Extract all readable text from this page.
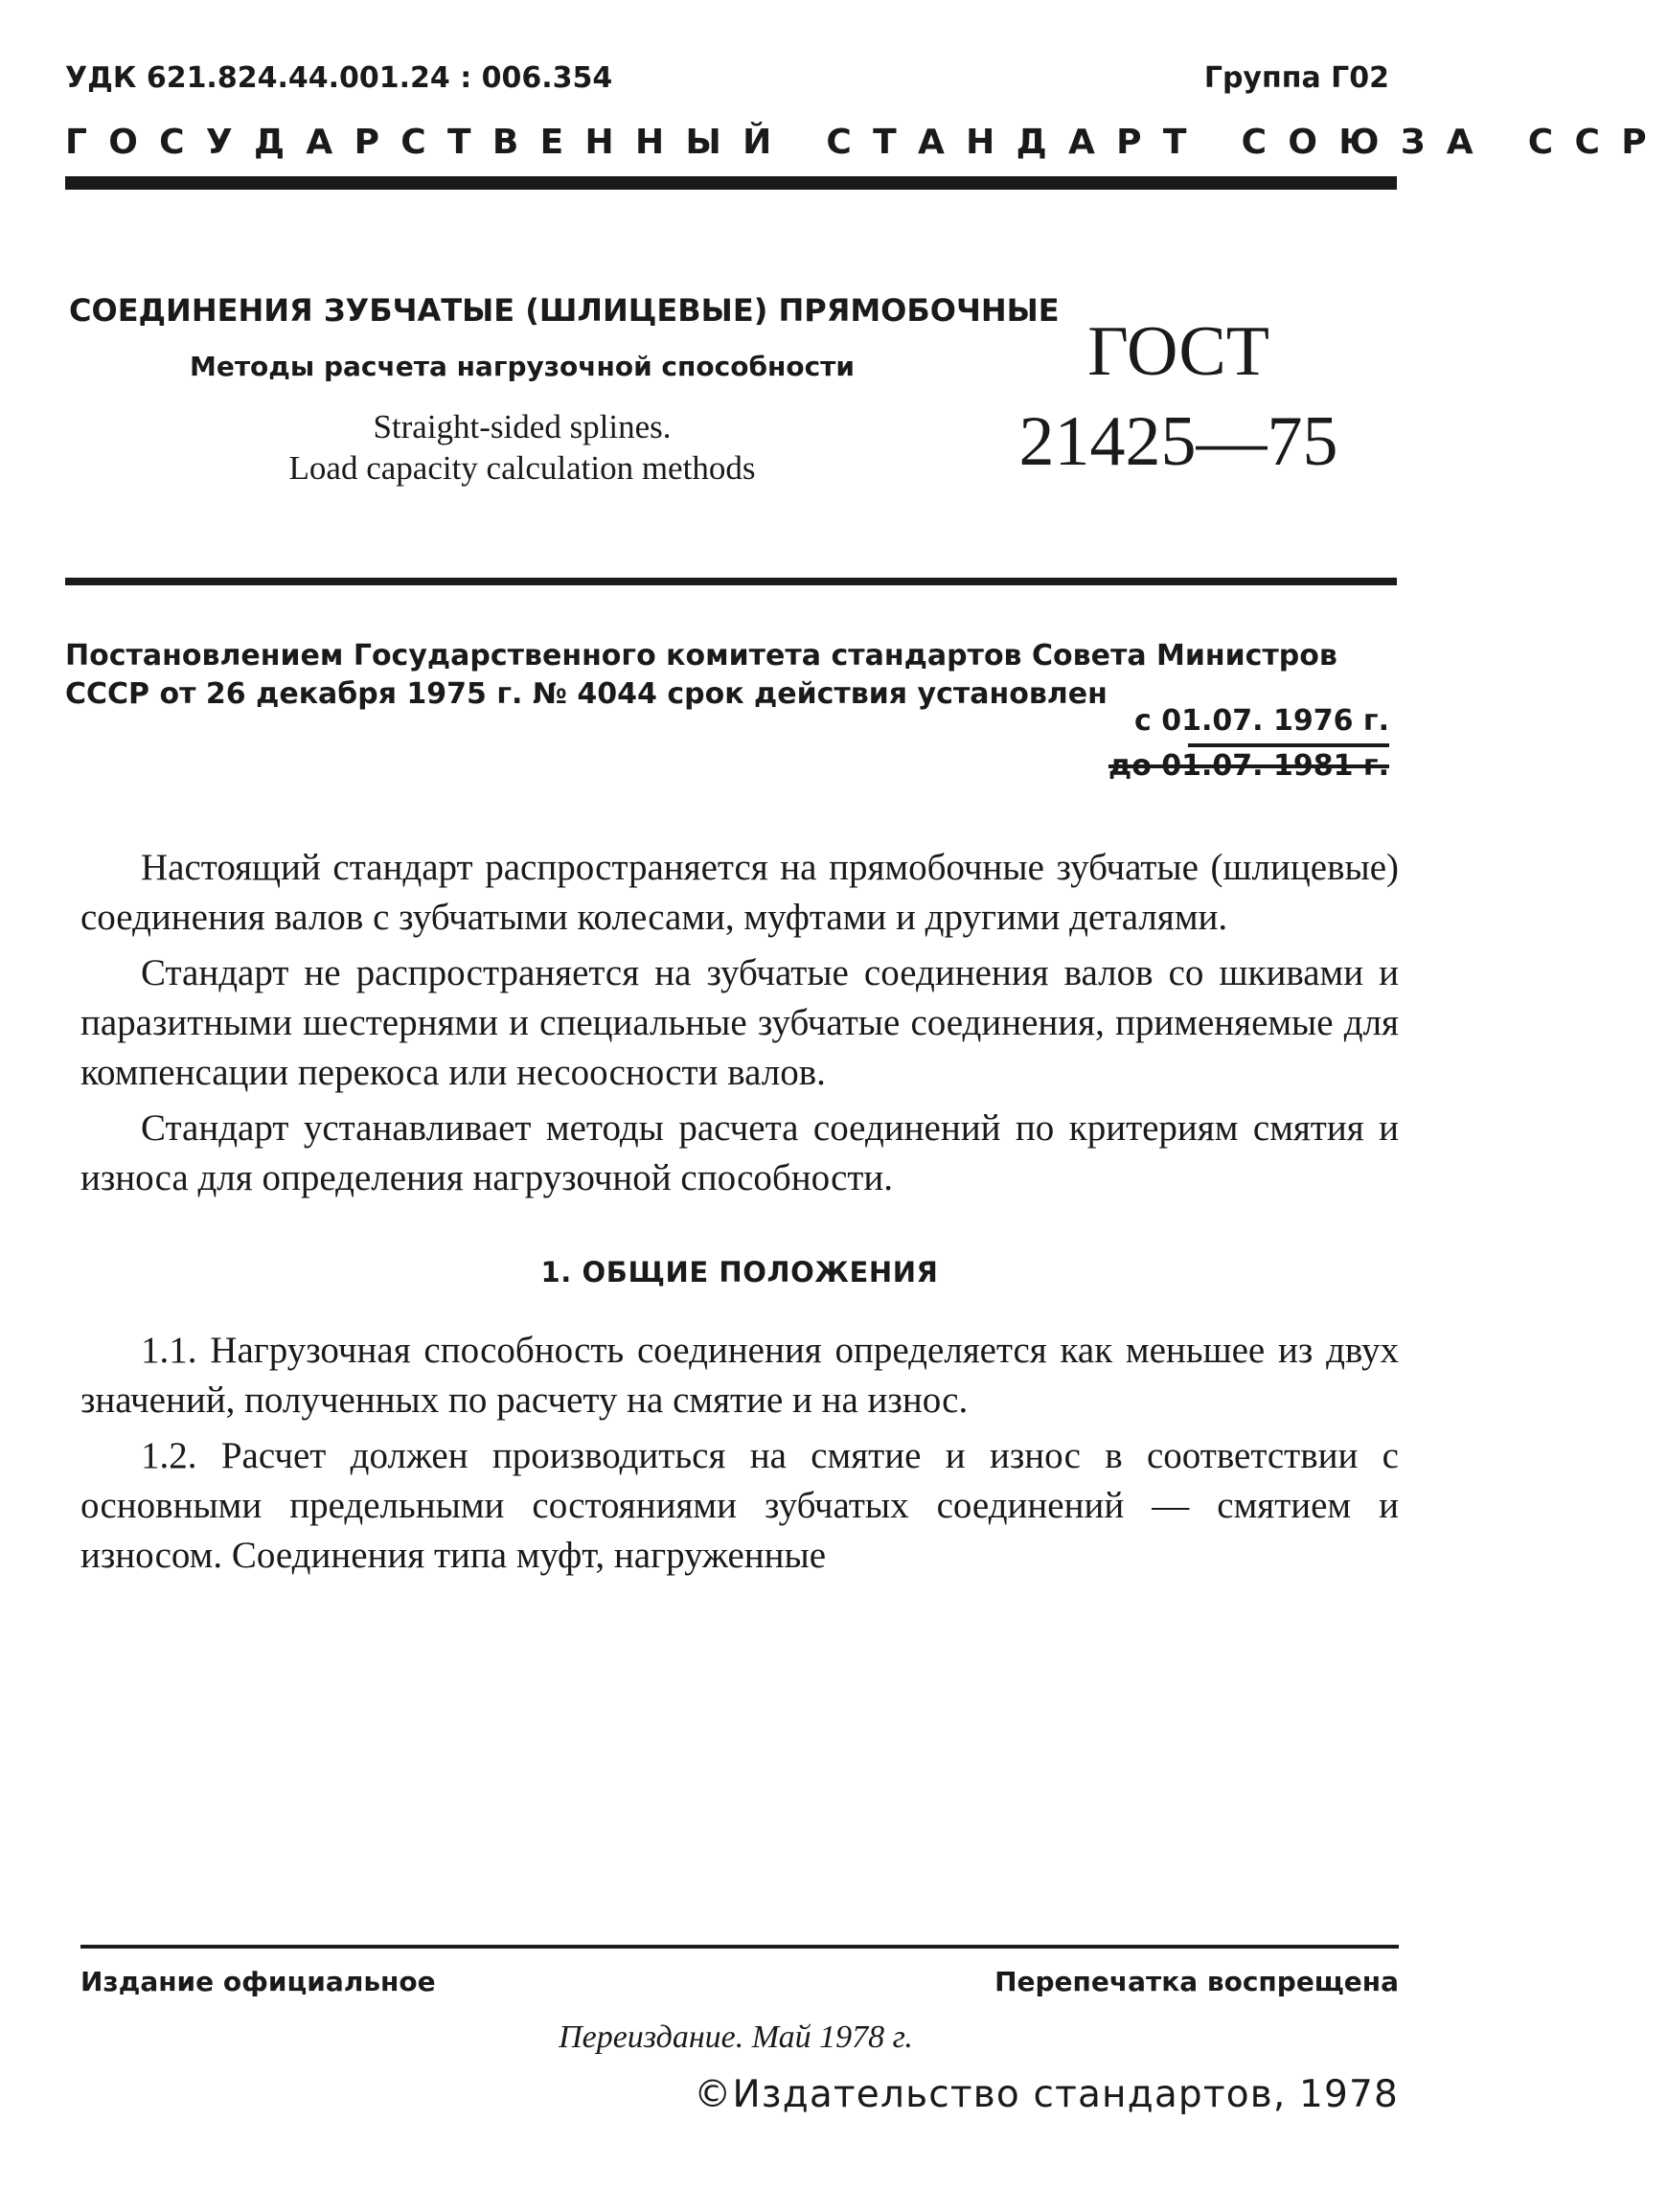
УДК 621.824.44.001.24 : 006.354	Группа Г02
ГОСУДАРСТВЕННЫЙ СТАНДАРТ СОЮЗА ССР
СОЕДИНЕНИЯ ЗУБЧАТЫЕ (ШЛИЦЕВЫЕ) ПРЯМОБОЧНЫЕ
Методы расчета нагрузочной способности
Straight-sided splines.
Load capacity calculation methods
ГОСТ
21425—75
Постановлением Государственного комитета стандартов Совета Министров СССР от 26 декабря 1975 г. № 4044 срок действия установлен
с 01.07. 1976 г.
до 01.07. 1981 г.

Настоящий стандарт распространяется на прямобочные зубчатые (шлицевые) соединения валов с зубчатыми колесами, муфтами и другими деталями.

Стандарт не распространяется на зубчатые соединения валов со шкивами и паразитными шестернями и специальные зубчатые соединения, применяемые для компенсации перекоса или несоосности валов.

Стандарт устанавливает методы расчета соединений по критериям смятия и износа для определения нагрузочной способности.

1. ОБЩИЕ ПОЛОЖЕНИЯ

1.1. Нагрузочная способность соединения определяется как меньшее из двух значений, полученных по расчету на смятие и на износ.

1.2. Расчет должен производиться на смятие и износ в соответствии с основными предельными состояниями зубчатых соединений — смятием и износом. Соединения типа муфт, нагруженные

Издание официальное	Перепечатка воспрещена
Переиздание. Май 1978 г.
©Издательство стандартов, 1978
